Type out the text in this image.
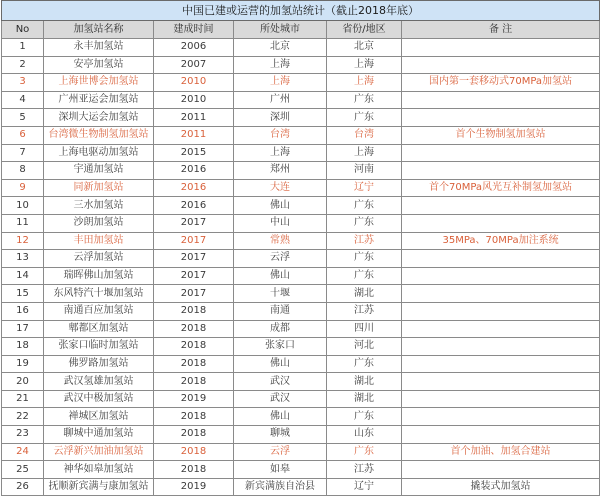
中国已建或运营的加氢站统计（截止2018年底）					
No	加氢站名称	建成时间	所处城市	省份/地区	备 注
1	永丰加氢站	2006	北京	北京	
2	安亭加氢站	2007	上海	上海	
3	上海世博会加氢站	2010	上海	上海	国内第一套移动式70MPa加氢站
4	广州亚运会加氢站	2010	广州	广东	
5	深圳大运会加氢站	2011	深圳	广东	
6	台湾微生物制氢加氢站	2011	台湾	台湾	首个生物制氢加氢站
7	上海电驱动加氢站	2015	上海	上海	
8	宇通加氢站	2016	郑州	河南	
9	同新加氢站	2016	大连	辽宁	首个70MPa风光互补制氢加氢站
10	三水加氢站	2016	佛山	广东	
11	沙朗加氢站	2017	中山	广东	
12	丰田加氢站	2017	常熟	江苏	35MPa、70MPa加注系统
13	云浮加氢站	2017	云浮	广东	
14	瑞晖佛山加氢站	2017	佛山	广东	
15	东风特汽十堰加氢站	2017	十堰	湖北	
16	南通百应加氢站	2018	南通	江苏	
17	郫都区加氢站	2018	成都	四川	
18	张家口临时加氢站	2018	张家口	河北	
19	佛罗路加氢站	2018	佛山	广东	
20	武汉氢雄加氢站	2018	武汉	湖北	
21	武汉中极加氢站	2019	武汉	湖北	
22	禅城区加氢站	2018	佛山	广东	
23	聊城中通加氢站	2018	聊城	山东	
24	云浮新兴加油加氢站	2018	云浮	广东	首个加油、加氢合建站
25	神华如皋加氢站	2018	如皋	江苏	
26	抚顺新宾满与康加氢站	2019	新宾满族自治县	辽宁	撬装式加氢站
